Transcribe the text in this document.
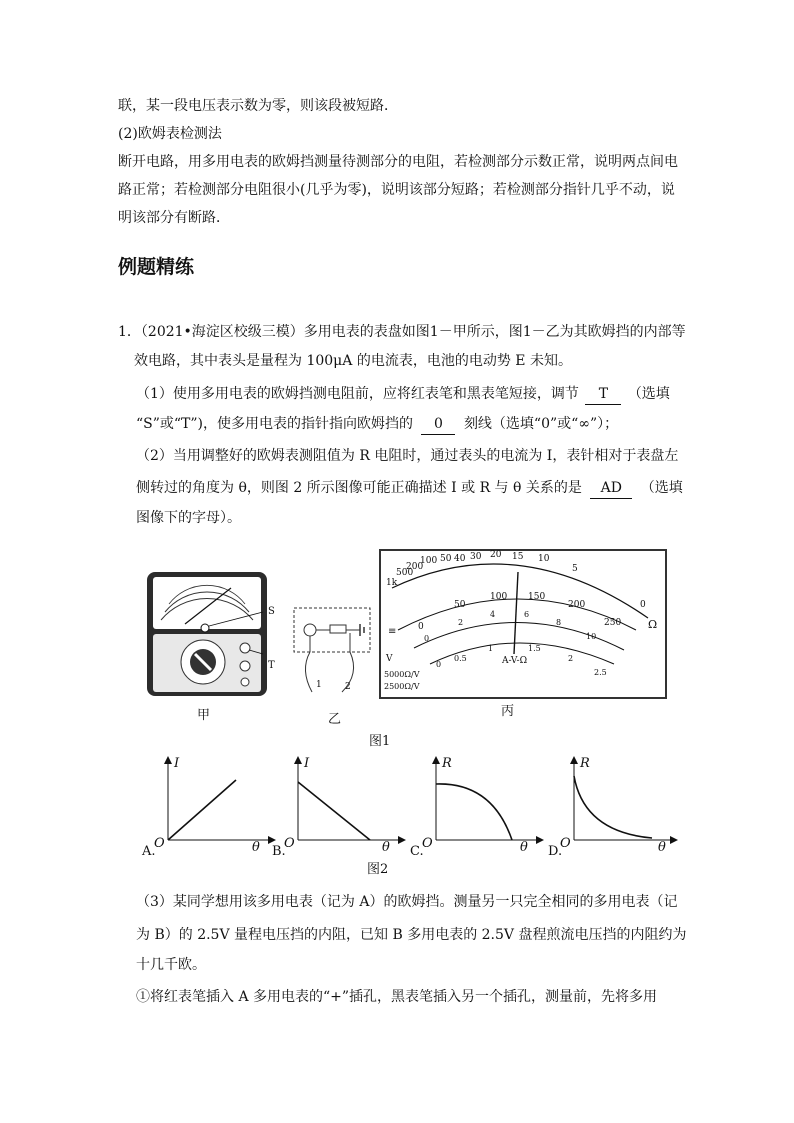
联，某一段电压表示数为零，则该段被短路．
(2)欧姆表检测法
断开电路，用多用电表的欧姆挡测量待测部分的电阻，若检测部分示数正常，说明两点间电
路正常；若检测部分电阻很小(几乎为零)，说明该部分短路；若检测部分指针几乎不动，说
明该部分有断路．
例题精练
1．（2021•海淀区校级三模）多用电表的表盘如图1－甲所示，图1－乙为其欧姆挡的内部等
效电路，其中表头是量程为 100μA 的电流表，电池的电动势 E 未知。
（1）使用多用电表的欧姆挡测电阻前，应将红表笔和黑表笔短接，调节 T （选填
“S”或“T”)，使多用电表的指针指向欧姆挡的 0 刻线（选填“0”或“∞”）；
（2）当用调整好的欧姆表测阻值为 R 电阻时，通过表头的电流为 I，表针相对于表盘左
侧转过的角度为 θ，则图 2 所示图像可能正确描述 I 或 R 与 θ 关系的是 AD （选填
图像下的字母）。
S
T
甲
1	2
乙
丙
1k
500
200
100 50 40 30 20 15 10
5
0
0
50
100 150
200
250
0
2
4	6
8
10
0
0.5
1	1.5
2
2.5
Ω
A-V-Ω
V
≡
5000Ω/V
2500Ω/V
图1
A.
I
O	θ B.
I
O	θ C.
R
O	θ D.
R
O	θ
图2
（3）某同学想用该多用电表（记为 A）的欧姆挡。测量另一只完全相同的多用电表（记
为 B）的 2.5V 量程电压挡的内阻，已知 B 多用电表的 2.5V 盘程煎流电压挡的内阻约为
十几千欧。
①将红表笔插入 A 多用电表的“+”插孔，黑表笔插入另一个插孔，测量前，先将多用
